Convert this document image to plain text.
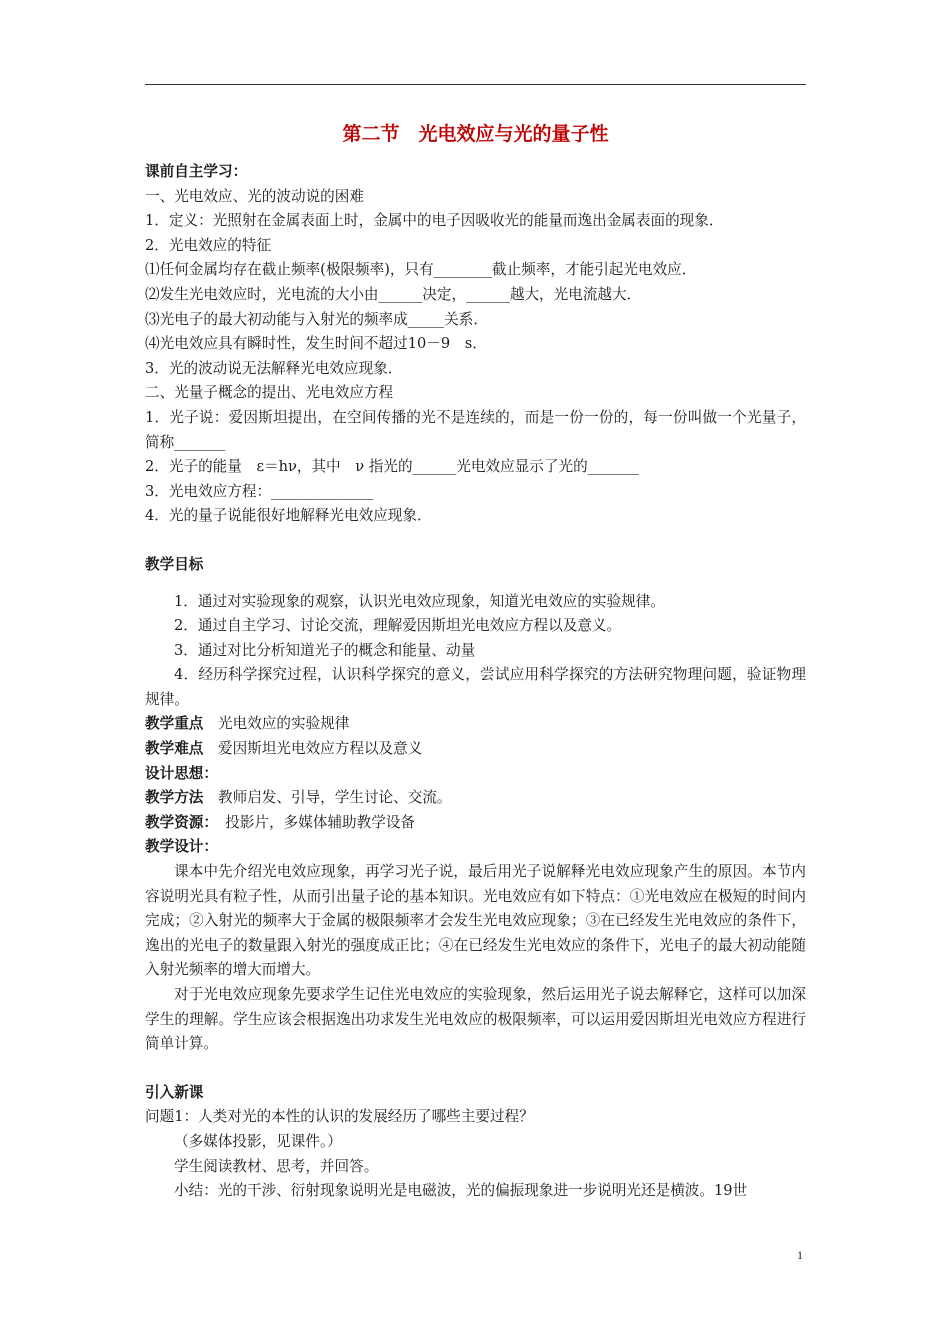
第二节　光电效应与光的量子性
课前自主学习：
一、光电效应、光的波动说的困难
1．定义：光照射在金属表面上时，金属中的电子因吸收光的能量而逸出金属表面的现象．
2．光电效应的特征
⑴任何金属均存在截止频率(极限频率)，只有________截止频率，才能引起光电效应．
⑵发生光电效应时，光电流的大小由______决定，______越大，光电流越大．
⑶光电子的最大初动能与入射光的频率成_____关系．
⑷光电效应具有瞬时性，发生时间不超过10－9　s．
3．光的波动说无法解释光电效应现象．
二、光量子概念的提出、光电效应方程
1．光子说：爱因斯坦提出，在空间传播的光不是连续的，而是一份一份的，每一份叫做一个光量子，简称_______
2．光子的能量　ε＝hν，其中　ν 指光的______光电效应显示了光的_______
3．光电效应方程：______________
4．光的量子说能很好地解释光电效应现象．
教学目标
1．通过对实验现象的观察，认识光电效应现象，知道光电效应的实验规律。
2．通过自主学习、讨论交流，理解爱因斯坦光电效应方程以及意义。
3．通过对比分析知道光子的概念和能量、动量
4．经历科学探究过程，认识科学探究的意义，尝试应用科学探究的方法研究物理问题，验证物理规律。
教学重点　 光电效应的实验规律
教学难点　 爱因斯坦光电效应方程以及意义
设计思想：
教学方法　 教师启发、引导，学生讨论、交流。
教学资源：　 投影片，多媒体辅助教学设备
教学设计：
课本中先介绍光电效应现象，再学习光子说，最后用光子说解释光电效应现象产生的原因。本节内容说明光具有粒子性，从而引出量子论的基本知识。光电效应有如下特点：①光电效应在极短的时间内完成；②入射光的频率大于金属的极限频率才会发生光电效应现象；③在已经发生光电效应的条件下，逸出的光电子的数量跟入射光的强度成正比；④在已经发生光电效应的条件下，光电子的最大初动能随入射光频率的增大而增大。
对于光电效应现象先要求学生记住光电效应的实验现象，然后运用光子说去解释它，这样可以加深学生的理解。学生应该会根据逸出功求发生光电效应的极限频率，可以运用爱因斯坦光电效应方程进行简单计算。
引入新课
问题1：人类对光的本性的认识的发展经历了哪些主要过程？
（多媒体投影，见课件。）
学生阅读教材、思考，并回答。
小结：光的干涉、衍射现象说明光是电磁波，光的偏振现象进一步说明光还是横波。19世
1
